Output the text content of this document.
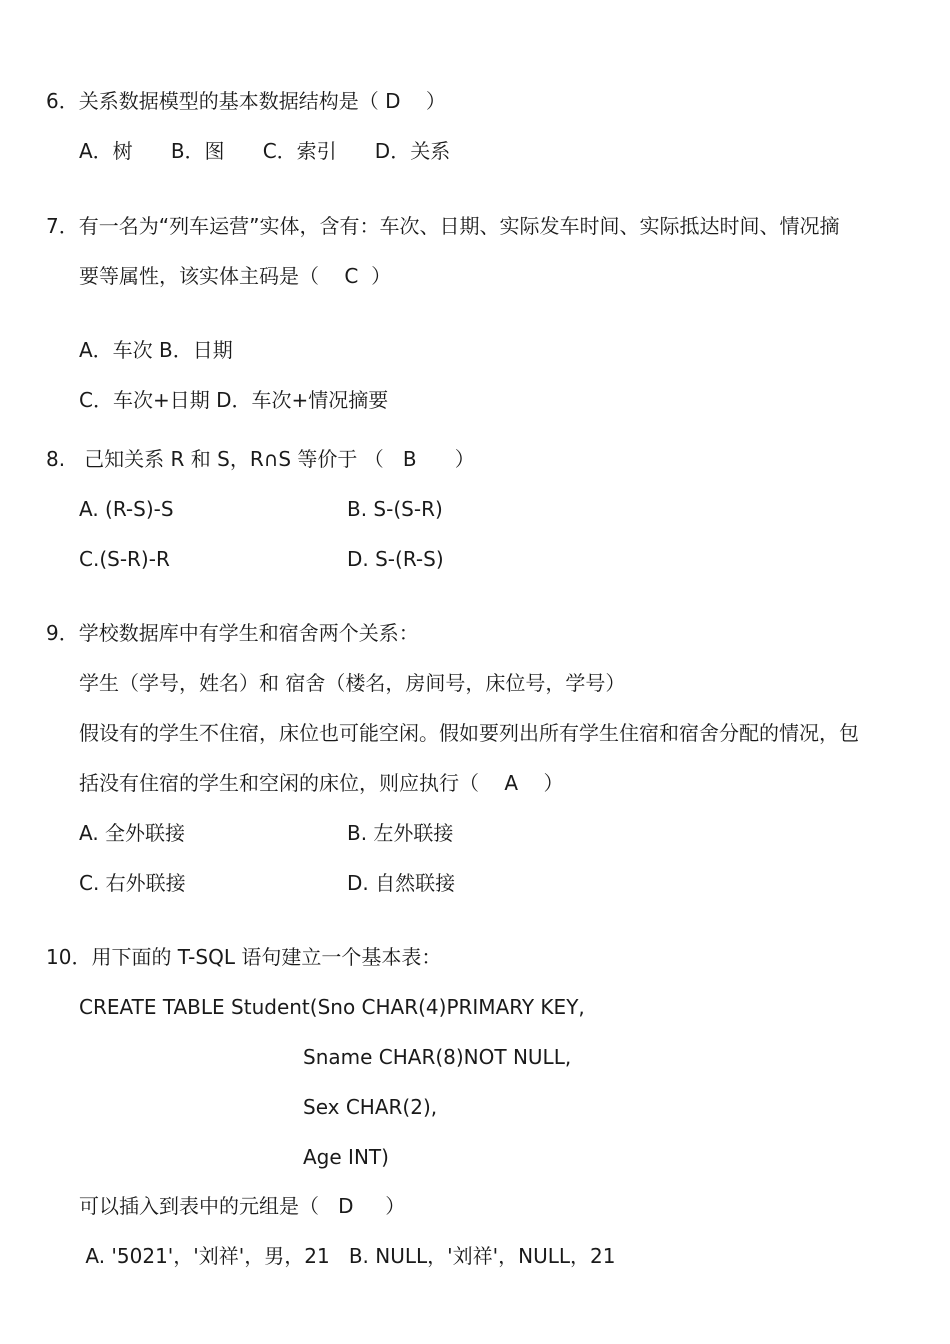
6．关系数据模型的基本数据结构是（ D    ）
A．树      B．图      C．索引      D．关系
7．有一名为“列车运营”实体，含有：车次、日期、实际发车时间、实际抵达时间、情况摘
要等属性，该实体主码是（    C  ）
A．车次 B．日期
C．车次+日期 D．车次+情况摘要
8.   己知关系 R 和 S，R∩S 等价于 （   B      ）
A. (R-S)-S	B. S-(S-R)
C.(S-R)-R	D. S-(R-S)
9．学校数据库中有学生和宿舍两个关系：
学生（学号，姓名）和 宿舍（楼名，房间号，床位号，学号）
假设有的学生不住宿，床位也可能空闲。假如要列出所有学生住宿和宿舍分配的情况，包
括没有住宿的学生和空闲的床位，则应执行（    A    ）
A. 全外联接	B. 左外联接
C. 右外联接	D. 自然联接
10．用下面的 T-SQL 语句建立一个基本表：
CREATE TABLE Student(Sno CHAR(4)PRIMARY KEY,
Sname CHAR(8)NOT NULL,
Sex CHAR(2),
Age INT)
可以插入到表中的元组是（   D     ）
A. '5021'，'刘祥'，男，21   B. NULL，'刘祥'，NULL，21
